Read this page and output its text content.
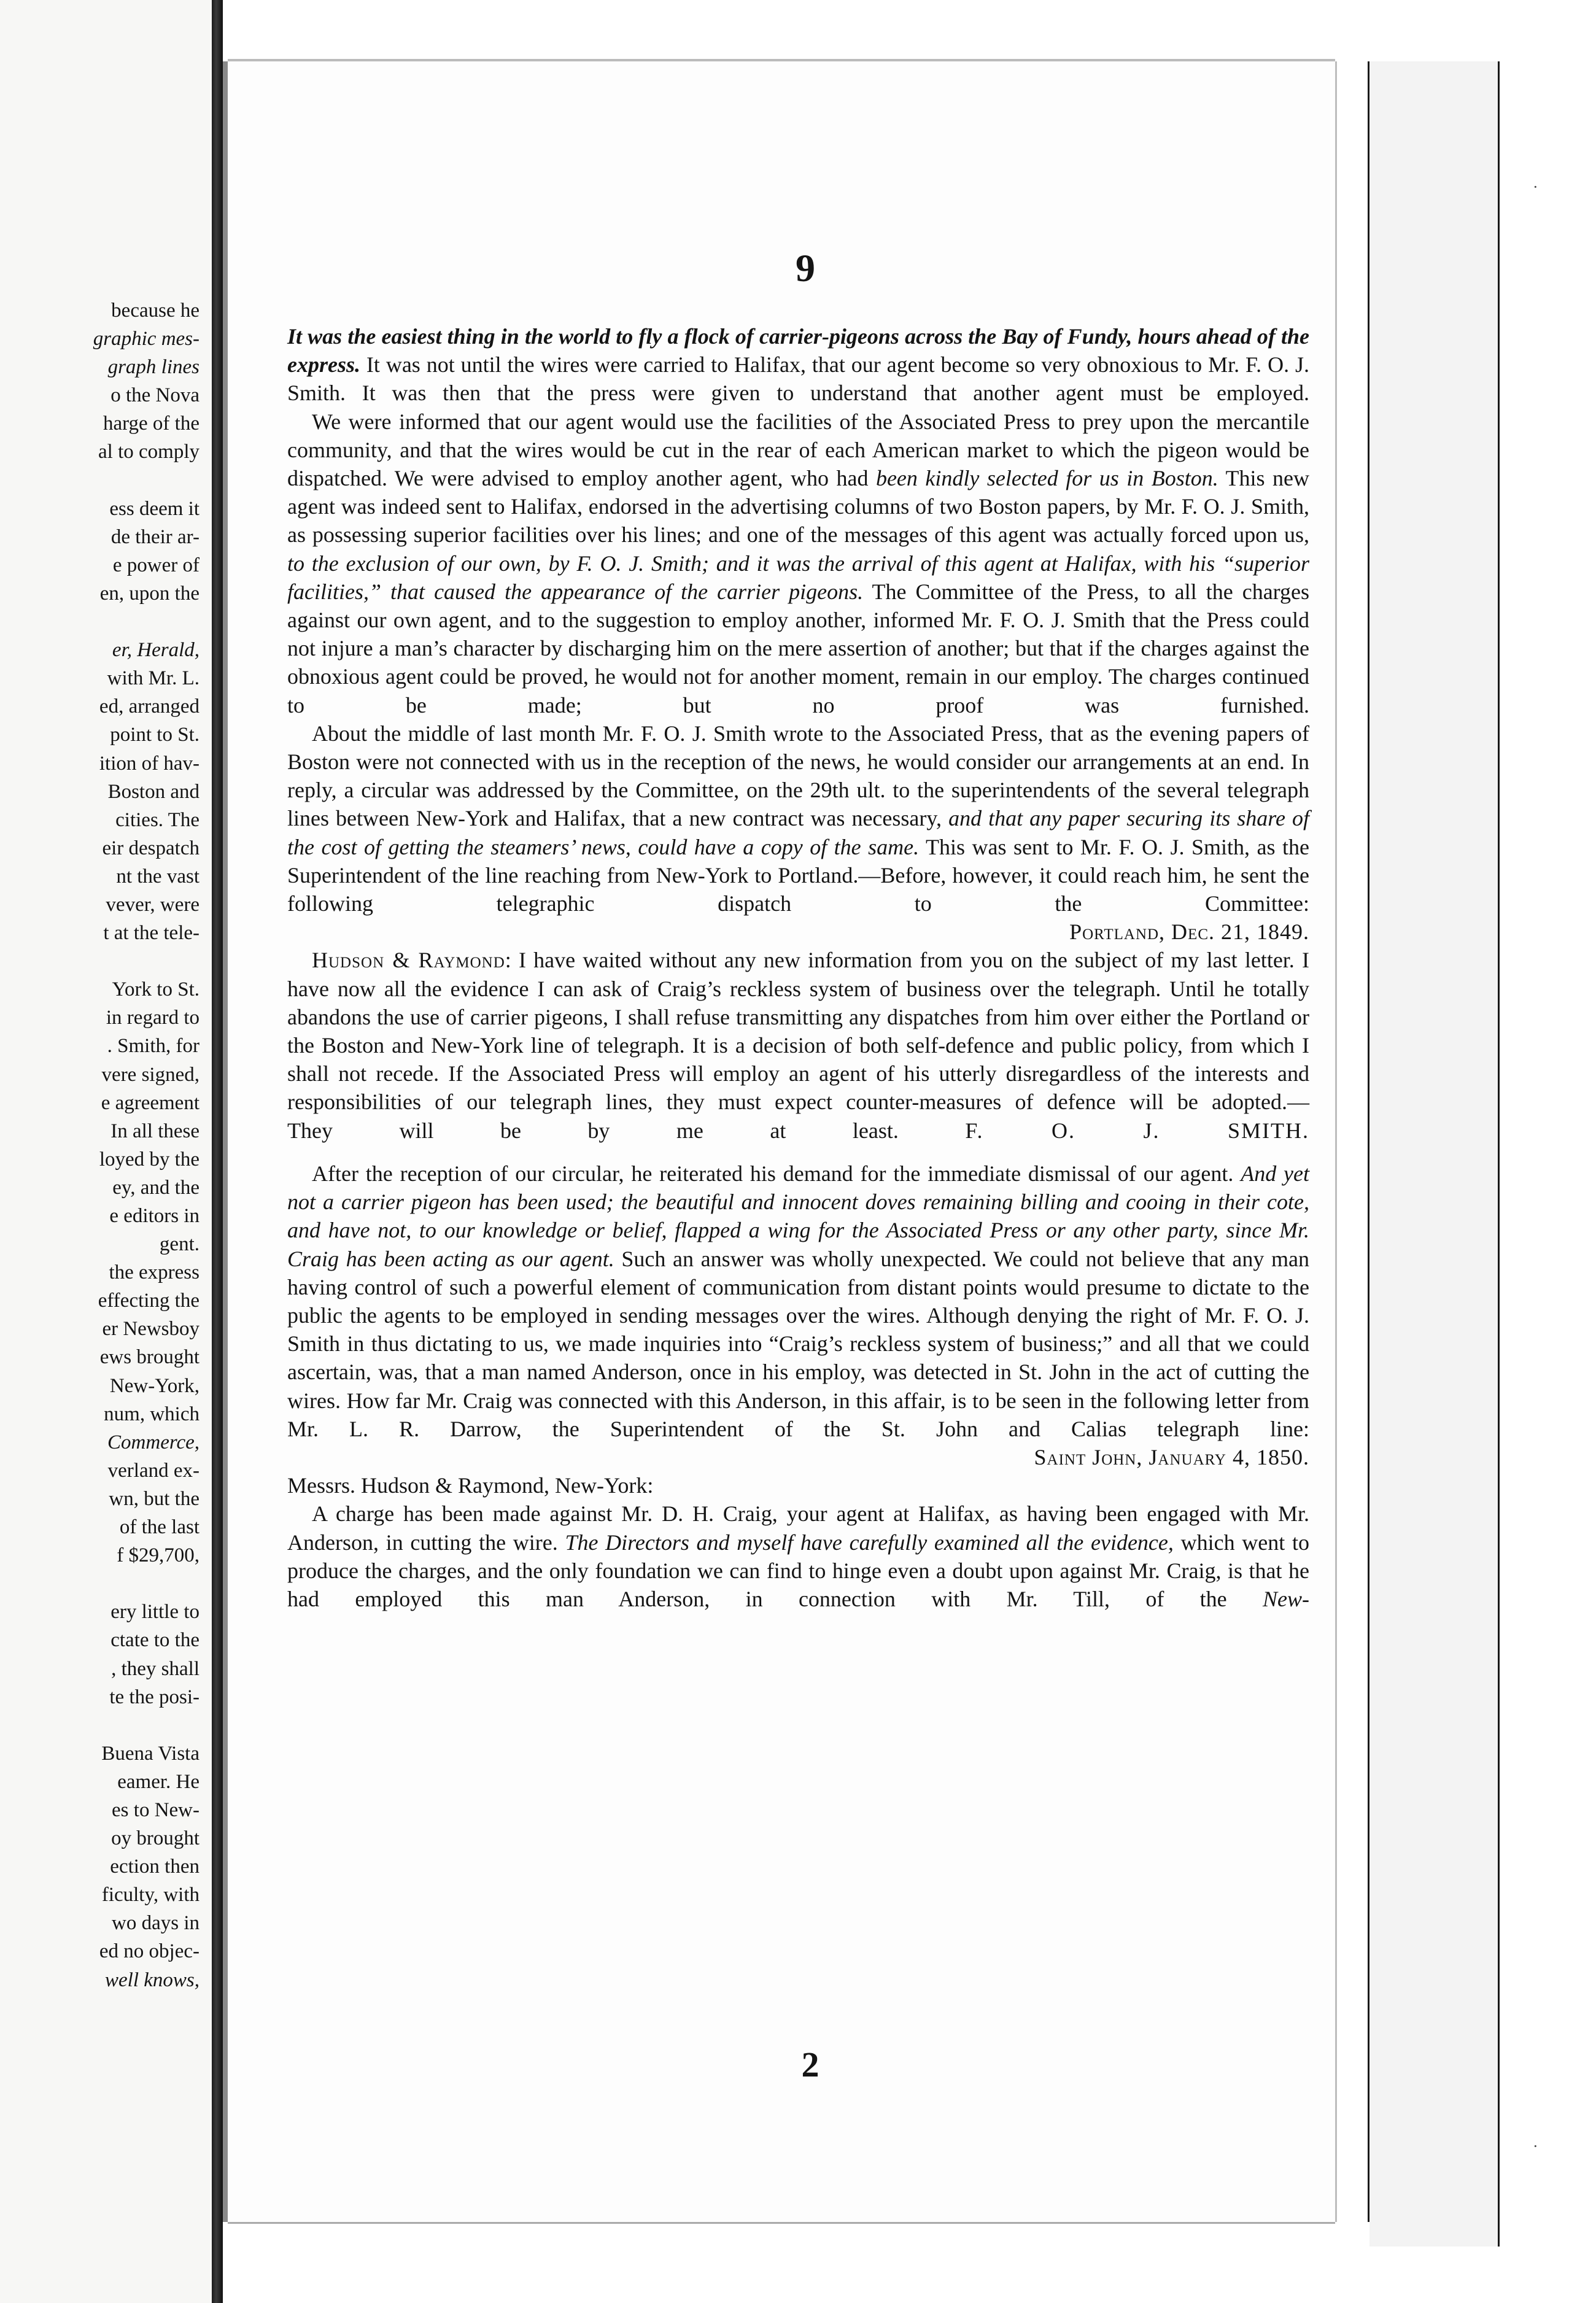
because he
graphic mes-
graph lines
o the Nova
harge of the
al to comply
ess deem it
de their ar-
e power of
en, upon the
er, Herald,
with Mr. L.
ed, arranged
point to St.
ition of hav-
Boston and
cities. The
eir despatch
nt the vast
vever, were
t at the tele-
York to St.
in regard to
. Smith, for
vere signed,
e agreement
In all these
loyed by the
ey, and the
e editors in
gent.
the express
effecting the
er Newsboy
ews brought
New-York,
num, which
Commerce,
verland ex-
wn, but the
of the last
f $29,700,
ery little to
ctate to the
, they shall
te the posi-
Buena Vista
eamer. He
es to New-
oy brought
ection then
ficulty, with
wo days in
ed no objec-
well knows,
·
·
9

It was the easiest thing in the world to fly a flock of carrier-pigeons across the Bay of Fundy, hours ahead of the express. It was not until the wires were carried to Halifax, that our agent become so very obnoxious to Mr. F. O. J. Smith. It was then that the press were given to understand that another agent must be employed.

We were informed that our agent would use the facilities of the Associated Press to prey upon the mercantile community, and that the wires would be cut in the rear of each American market to which the pigeon would be dispatched. We were advised to employ another agent, who had been kindly selected for us in Boston. This new agent was indeed sent to Halifax, endorsed in the advertising columns of two Boston papers, by Mr. F. O. J. Smith, as possessing superior facilities over his lines; and one of the messages of this agent was actually forced upon us, to the exclusion of our own, by F. O. J. Smith; and it was the arrival of this agent at Halifax, with his “superior facilities,” that caused the appearance of the carrier pigeons. The Committee of the Press, to all the charges against our own agent, and to the suggestion to employ another, informed Mr. F. O. J. Smith that the Press could not injure a man’s character by discharging him on the mere assertion of another; but that if the charges against the obnoxious agent could be proved, he would not for another moment, remain in our employ. The charges continued to be made; but no proof was furnished.

About the middle of last month Mr. F. O. J. Smith wrote to the Associated Press, that as the evening papers of Boston were not connected with us in the reception of the news, he would consider our arrangements at an end. In reply, a circular was addressed by the Committee, on the 29th ult. to the superintendents of the several telegraph lines between New-York and Halifax, that a new contract was necessary, and that any paper securing its share of the cost of getting the steamers’ news, could have a copy of the same. This was sent to Mr. F. O. J. Smith, as the Superintendent of the line reaching from New-York to Portland.—Before, however, it could reach him, he sent the following telegraphic dispatch to the Committee:

Portland, Dec. 21, 1849.

Hudson & Raymond: I have waited without any new information from you on the subject of my last letter. I have now all the evidence I can ask of Craig’s reckless system of business over the telegraph. Until he totally abandons the use of carrier pigeons, I shall refuse transmitting any dispatches from him over either the Portland or the Boston and New-York line of telegraph. It is a decision of both self-defence and public policy, from which I shall not recede. If the Associated Press will employ an agent of his utterly disregardless of the interests and responsibilities of our telegraph lines, they must expect counter-measures of defence will be adopted.—

They will be by me at least.	F. O. J. SMITH.

After the reception of our circular, he reiterated his demand for the immediate dismissal of our agent. And yet not a carrier pigeon has been used; the beautiful and innocent doves remaining billing and cooing in their cote, and have not, to our knowledge or belief, flapped a wing for the Associated Press or any other party, since Mr. Craig has been acting as our agent. Such an answer was wholly unexpected. We could not believe that any man having control of such a powerful element of communication from distant points would presume to dictate to the public the agents to be employed in sending messages over the wires. Although denying the right of Mr. F. O. J. Smith in thus dictating to us, we made inquiries into “Craig’s reckless system of business;” and all that we could ascertain, was, that a man named Anderson, once in his employ, was detected in St. John in the act of cutting the wires. How far Mr. Craig was connected with this Anderson, in this affair, is to be seen in the following letter from Mr. L. R. Darrow, the Superintendent of the St. John and Calias telegraph line:

Saint John, January 4, 1850.

Messrs. Hudson & Raymond, New-York:

A charge has been made against Mr. D. H. Craig, your agent at Halifax, as having been engaged with Mr. Anderson, in cutting the wire. The Directors and myself have carefully examined all the evidence, which went to produce the charges, and the only foundation we can find to hinge even a doubt upon against Mr. Craig, is that he had employed this man Anderson, in connection with Mr. Till, of the New-

2
